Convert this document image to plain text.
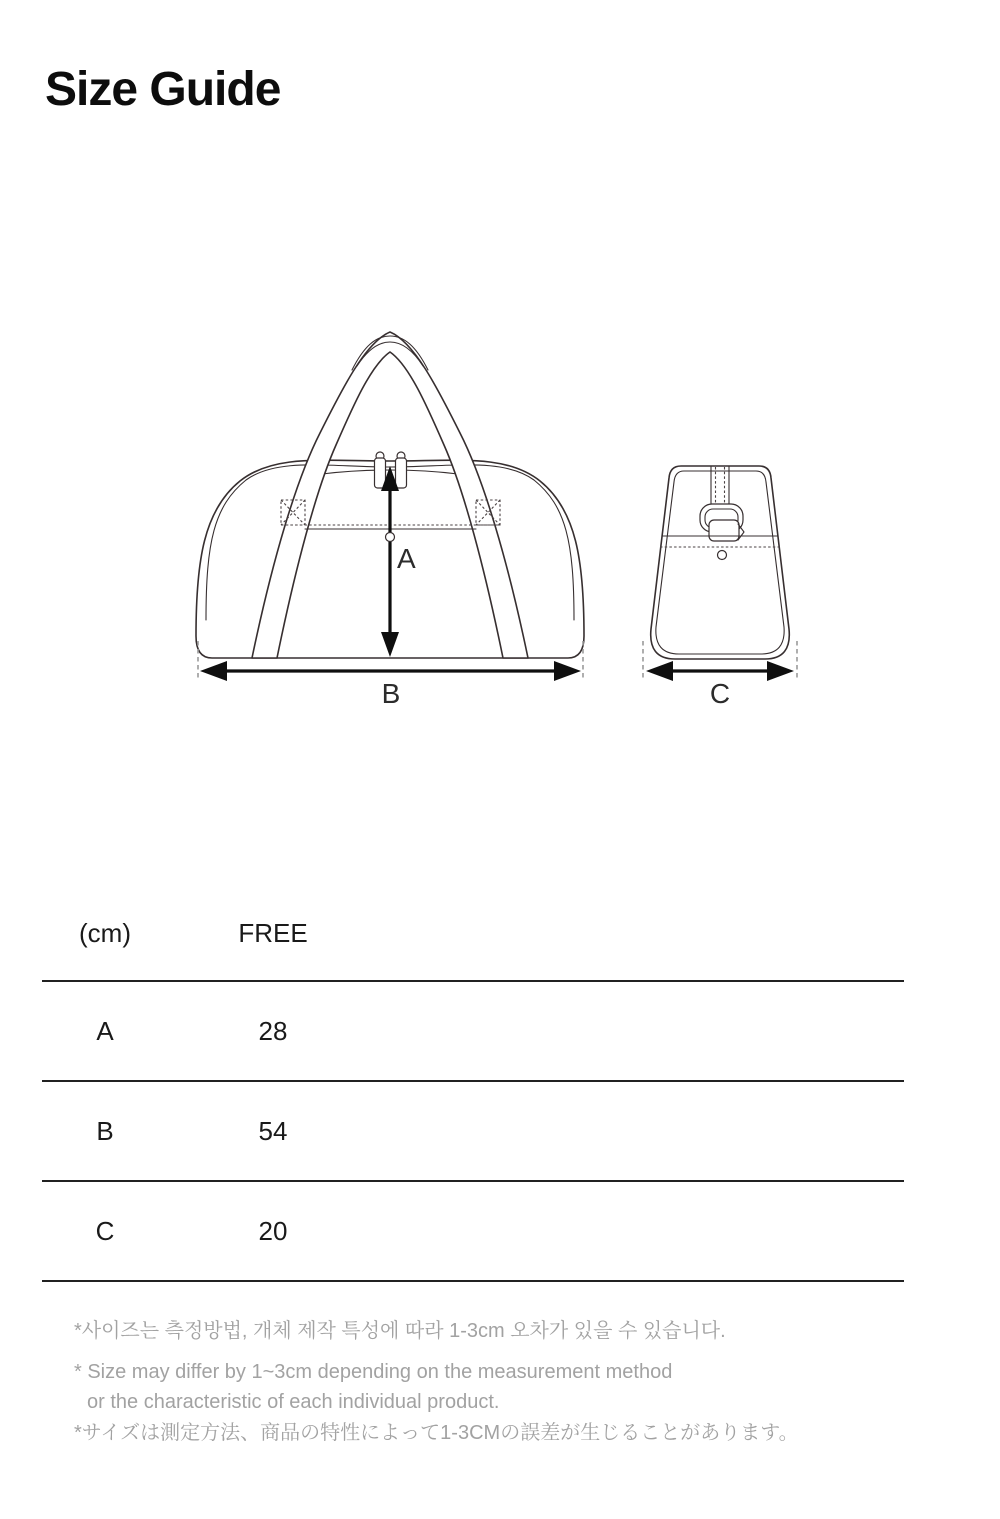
Size Guide
A
B	C
(cm)	FREE
A	28
B	54
C	20
*사이즈는 측정방법, 개체 제작 특성에 따라 1-3cm 오차가 있을 수 있습니다.
* Size may differ by 1~3cm depending on the measurement method
or the characteristic of each individual product.
*サイズは測定方法、商品の特性によって1-3CMの誤差が生じることがあります。
